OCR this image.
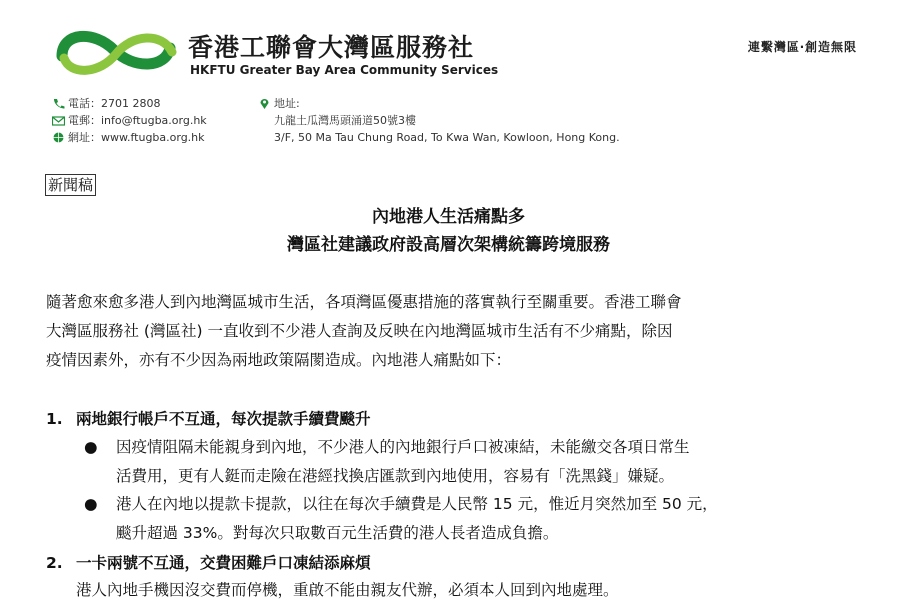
香港工聯會大灣區服務社
HKFTU Greater Bay Area Community Services
連繫灣區‧創造無限
電話：2701 2808
電郵：info@ftugba.org.hk
網址：www.ftugba.org.hk
地址:
九龍土瓜灣馬頭涌道50號3樓
3/F, 50 Ma Tau Chung Road, To Kwa Wan, Kowloon, Hong Kong.
新聞稿
內地港人生活痛點多
灣區社建議政府設高層次架構統籌跨境服務
隨著愈來愈多港人到內地灣區城市生活，各項灣區優惠措施的落實執行至關重要。香港工聯會
大灣區服務社 (灣區社) 一直收到不少港人查詢及反映在內地灣區城市生活有不少痛點，除因
疫情因素外，亦有不少因為兩地政策隔閡造成。內地港人痛點如下：
1. 兩地銀行帳戶不互通，每次提款手續費颷升
● 因疫情阻隔未能親身到內地，不少港人的內地銀行戶口被凍結，未能繳交各項日常生
活費用，更有人鋌而走險在港經找換店匯款到內地使用，容易有「洗黑錢」嫌疑。
● 港人在內地以提款卡提款，以往在每次手續費是人民幣 15 元，惟近月突然加至 50 元，
颷升超過 33%。對每次只取數百元生活費的港人長者造成負擔。
2. 一卡兩號不互通，交費困難戶口凍結添麻煩
港人內地手機因沒交費而停機，重啟不能由親友代辦，必須本人回到內地處理。
